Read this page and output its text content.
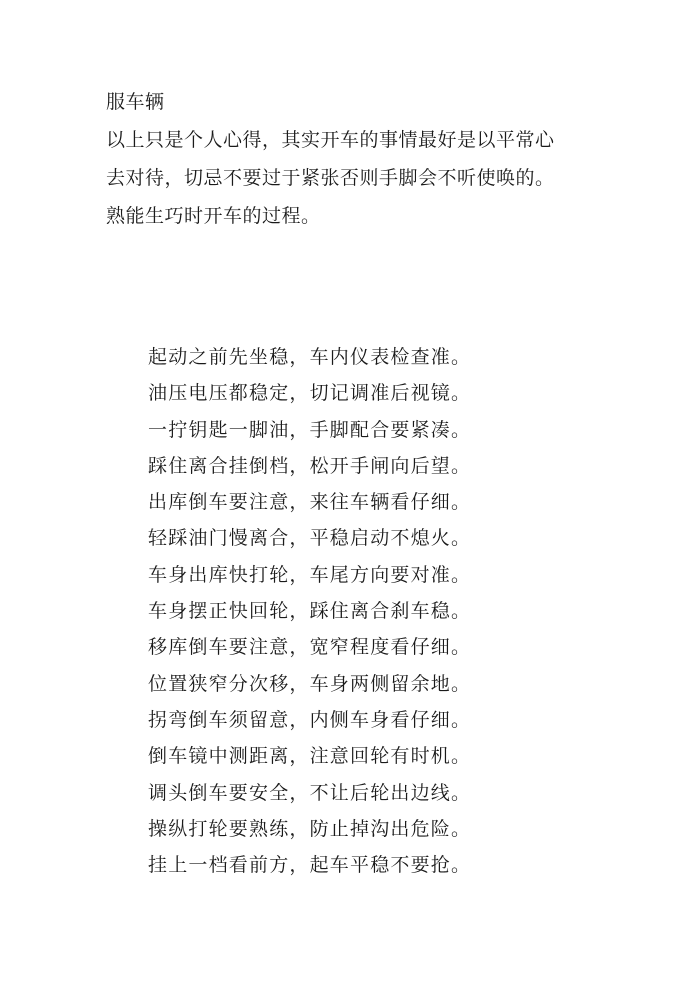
服车辆
以上只是个人心得，其实开车的事情最好是以平常心
去对待，切忌不要过于紧张否则手脚会不听使唤的。
熟能生巧时开车的过程。
起动之前先坐稳，车内仪表检查准。
油压电压都稳定，切记调准后视镜。
一拧钥匙一脚油，手脚配合要紧凑。
踩住离合挂倒档，松开手闸向后望。
出库倒车要注意，来往车辆看仔细。
轻踩油门慢离合，平稳启动不熄火。
车身出库快打轮，车尾方向要对准。
车身摆正快回轮，踩住离合刹车稳。
移库倒车要注意，宽窄程度看仔细。
位置狭窄分次移，车身两侧留余地。
拐弯倒车须留意，内侧车身看仔细。
倒车镜中测距离，注意回轮有时机。
调头倒车要安全，不让后轮出边线。
操纵打轮要熟练，防止掉沟出危险。
挂上一档看前方，起车平稳不要抢。
